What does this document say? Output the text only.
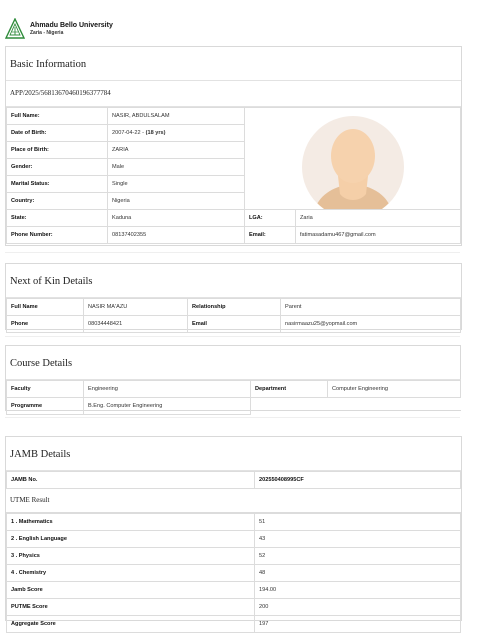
Ahmadu Bello University
Zaria - Nigeria
Basic Information
APP/2025/56813670460196377784
Full Name:	NASIR, ABDULSALAM	

Date of Birth:	2007-04-22 - (18 yrs)		
Place of Birth:	ZARIA		
Gender:	Male		
Marital Status:	Single		
Country:	Nigeria		
State:	Kaduna	LGA:	Zaria
Phone Number:	08137402355	Email:	fatimasadamu467@gmail.com
Next of Kin Details
Full Name	NASIR MA'AZU	Relationship	Parent
Phone	08034448421	Email	nasirmaazu25@yopmail.com
Course Details
Faculty	Engineering	Department	Computer Engineering
Programme	B.Eng. Computer Engineering		
JAMB Details
JAMB No.	202550408995CF
UTME Result
1 . Mathematics	51
2 . English Language	43
3 . Physics	52
4 . Chemistry	48
Jamb Score	194.00
PUTME Score	200
Aggregate Score	197
